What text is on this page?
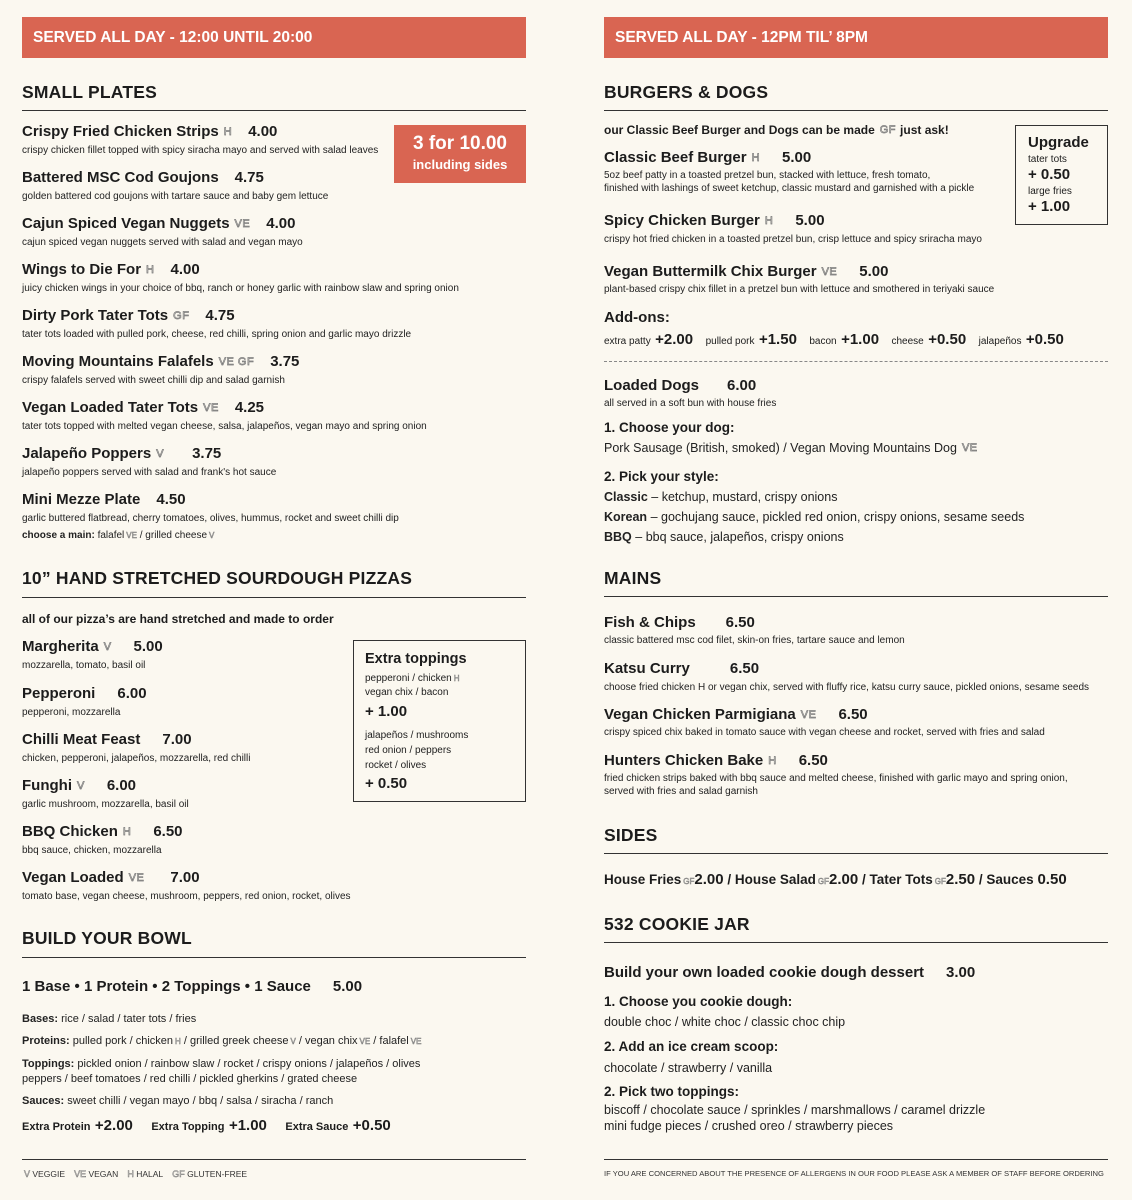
SERVED ALL DAY - 12:00 UNTIL 20:00
SMALL PLATES
3 for 10.00
including sides
Crispy Fried Chicken Strips H 4.00
crispy chicken fillet topped with spicy siracha mayo and served with salad leaves
Battered MSC Cod Goujons 4.75
golden battered cod goujons with tartare sauce and baby gem lettuce
Cajun Spiced Vegan Nuggets VE 4.00
cajun spiced vegan nuggets served with salad and vegan mayo
Wings to Die For H 4.00
juicy chicken wings in your choice of bbq, ranch or honey garlic with rainbow slaw and spring onion
Dirty Pork Tater Tots GF 4.75
tater tots loaded with pulled pork, cheese, red chilli, spring onion and garlic mayo drizzle
Moving Mountains Falafels VE GF 3.75
crispy falafels served with sweet chilli dip and salad garnish
Vegan Loaded Tater Tots VE 4.25
tater tots topped with melted vegan cheese, salsa, jalapeños, vegan mayo and spring onion
Jalapeño Poppers V 3.75
jalapeño poppers served with salad and frank's hot sauce
Mini Mezze Plate 4.50
garlic buttered flatbread, cherry tomatoes, olives, hummus, rocket and sweet chilli dip
choose a main: falafel VE / grilled cheese V
10” HAND STRETCHED SOURDOUGH PIZZAS
all of our pizza’s are hand stretched and made to order
Margherita V 5.00
mozzarella, tomato, basil oil
Pepperoni 6.00
pepperoni, mozzarella
Chilli Meat Feast 7.00
chicken, pepperoni, jalapeños, mozzarella, red chilli
Funghi V 6.00
garlic mushroom, mozzarella, basil oil
BBQ Chicken H 6.50
bbq sauce, chicken, mozzarella
Vegan Loaded VE 7.00
tomato base, vegan cheese, mushroom, peppers, red onion, rocket, olives
Extra toppings
pepperoni / chicken H
vegan chix / bacon
+ 1.00
jalapeños / mushrooms
red onion / peppers
rocket / olives
+ 0.50
BUILD YOUR BOWL
1 Base • 1 Protein • 2 Toppings • 1 Sauce 5.00
Bases: rice / salad / tater tots / fries
Proteins: pulled pork / chicken H / grilled greek cheese V / vegan chix VE / falafel VE
Toppings: pickled onion / rainbow slaw / rocket / crispy onions / jalapeños / olives
peppers / beef tomatoes / red chilli / pickled gherkins / grated cheese
Sauces: sweet chilli / vegan mayo / bbq / salsa / siracha / ranch
Extra Protein +2.00 Extra Topping +1.00 Extra Sauce +0.50
V VEGGIE VE VEGAN H HALAL GF GLUTEN-FREE
SERVED ALL DAY - 12PM TIL’ 8PM
BURGERS & DOGS
our Classic Beef Burger and Dogs can be made GF just ask!
Upgrade
tater tots
+ 0.50
large fries
+ 1.00
Classic Beef Burger H 5.00
5oz beef patty in a toasted pretzel bun, stacked with lettuce, fresh tomato,
finished with lashings of sweet ketchup, classic mustard and garnished with a pickle
Spicy Chicken Burger H 5.00
crispy hot fried chicken in a toasted pretzel bun, crisp lettuce and spicy sriracha mayo
Vegan Buttermilk Chix Burger VE 5.00
plant-based crispy chix fillet in a pretzel bun with lettuce and smothered in teriyaki sauce
Add-ons:
extra patty +2.00 pulled pork +1.50 bacon +1.00 cheese +0.50 jalapeños +0.50
Loaded Dogs 6.00
all served in a soft bun with house fries
1. Choose your dog:
Pork Sausage (British, smoked) / Vegan Moving Mountains Dog VE
2. Pick your style:
Classic – ketchup, mustard, crispy onions
Korean – gochujang sauce, pickled red onion, crispy onions, sesame seeds
BBQ – bbq sauce, jalapeños, crispy onions
MAINS
Fish & Chips 6.50
classic battered msc cod filet, skin-on fries, tartare sauce and lemon
Katsu Curry	6.50
choose fried chicken H or vegan chix, served with fluffy rice, katsu curry sauce, pickled onions, sesame seeds
Vegan Chicken Parmigiana VE 6.50
crispy spiced chix baked in tomato sauce with vegan cheese and rocket, served with fries and salad
Hunters Chicken Bake H 6.50
fried chicken strips baked with bbq sauce and melted cheese, finished with garlic mayo and spring onion,
served with fries and salad garnish
SIDES
House Fries GF2.00 / House Salad GF2.00 / Tater Tots GF2.50 / Sauces 0.50
532 COOKIE JAR
Build your own loaded cookie dough dessert 3.00
1. Choose you cookie dough:
double choc / white choc / classic choc chip
2. Add an ice cream scoop:
chocolate / strawberry / vanilla
2. Pick two toppings:
biscoff / chocolate sauce / sprinkles / marshmallows / caramel drizzle
mini fudge pieces / crushed oreo / strawberry pieces
IF YOU ARE CONCERNED ABOUT THE PRESENCE OF ALLERGENS IN OUR FOOD PLEASE ASK A MEMBER OF STAFF BEFORE ORDERING
